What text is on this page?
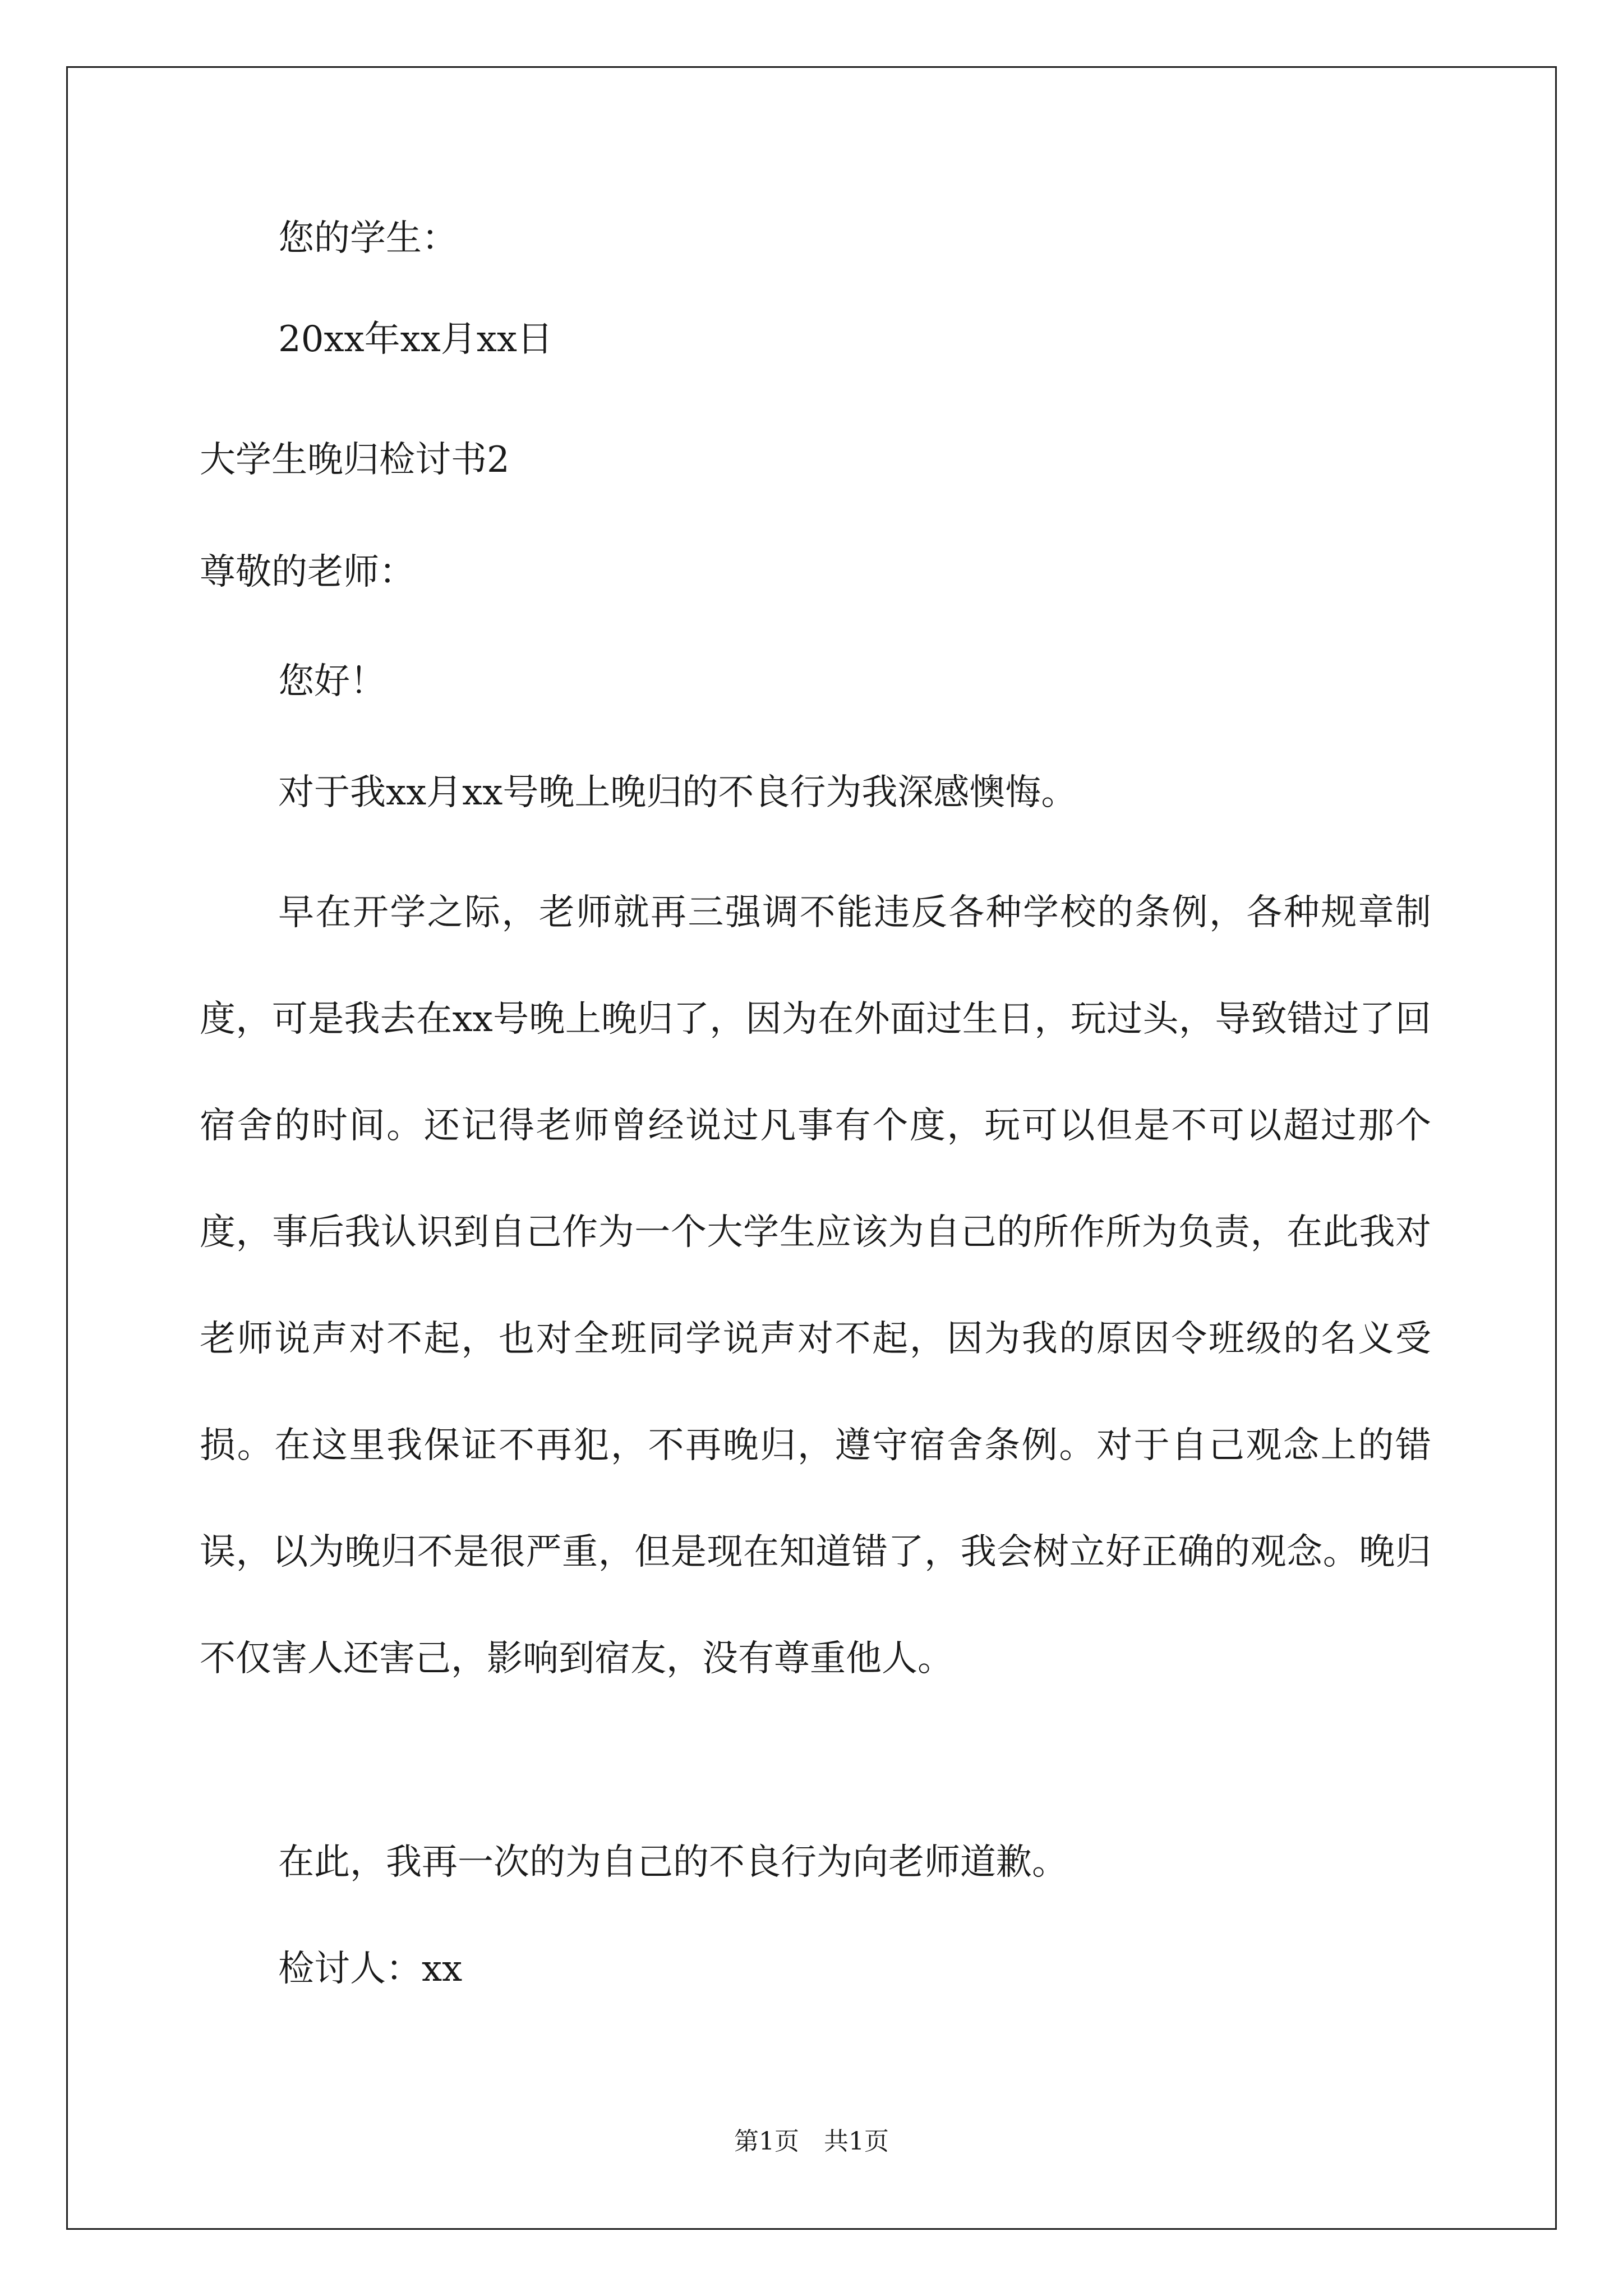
您的学生：

20xx年xx月xx日

大学生晚归检讨书2

尊敬的老师：

您好！

对于我xx月xx号晚上晚归的不良行为我深感懊悔。

早在开学之际，老师就再三强调不能违反各种学校的条例，各种规章制度，可是我去在xx号晚上晚归了，因为在外面过生日，玩过头，导致错过了回宿舍的时间。还记得老师曾经说过凡事有个度，玩可以但是不可以超过那个度，事后我认识到自己作为一个大学生应该为自己的所作所为负责，在此我对老师说声对不起，也对全班同学说声对不起，因为我的原因令班级的名义受损。在这里我保证不再犯，不再晚归，遵守宿舍条例。对于自己观念上的错误，以为晚归不是很严重，但是现在知道错了，我会树立好正确的观念。晚归不仅害人还害己，影响到宿友，没有尊重他人。

在此，我再一次的为自己的不良行为向老师道歉。

检讨人：xx

第1页　共1页
